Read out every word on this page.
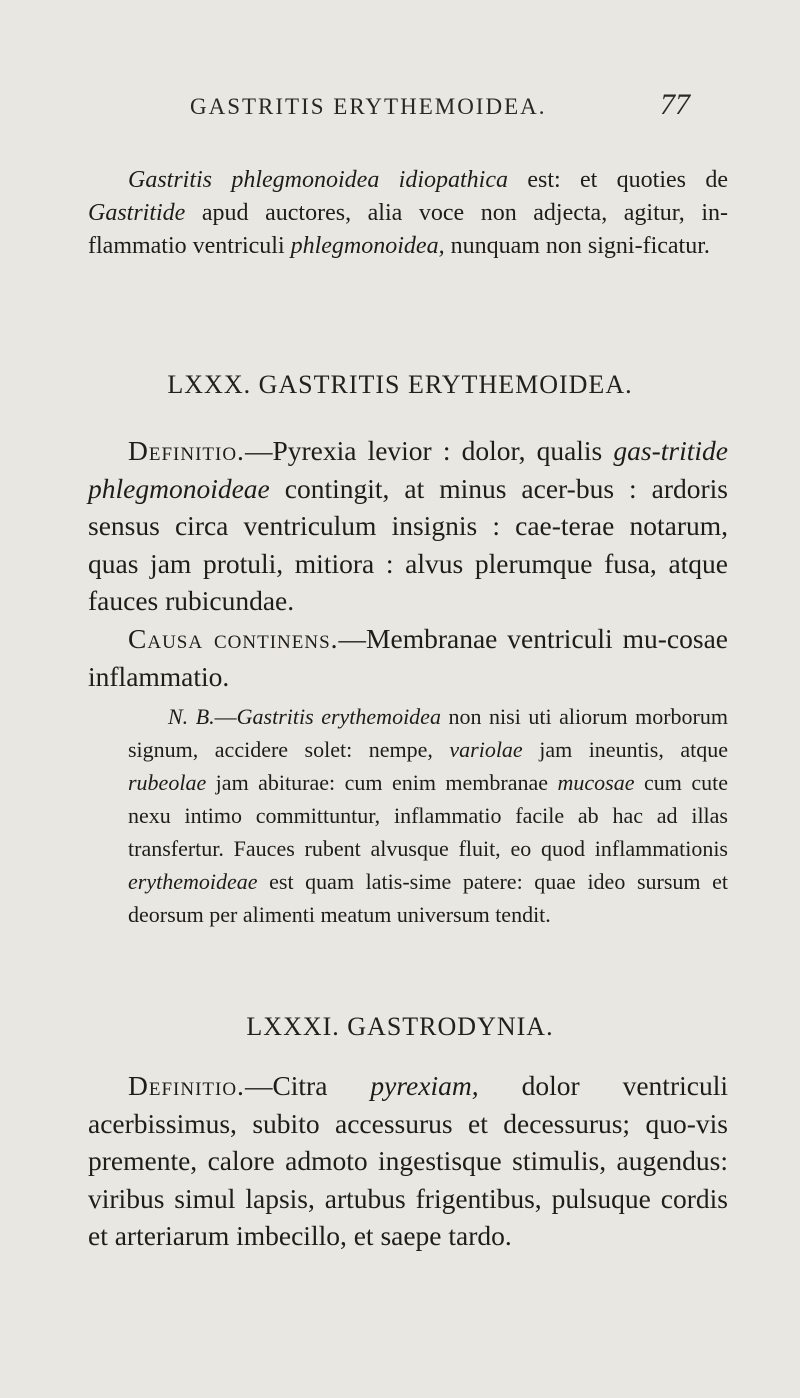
GASTRITIS ERYTHEMOIDEA.	77

Gastritis phlegmonoidea idiopathica est: et quoties de Gastritide apud auctores, alia voce non adjecta, agitur, in-flammatio ventriculi phlegmonoidea, nunquam non signi-ficatur.

LXXX. GASTRITIS ERYTHEMOIDEA.

Definitio.—Pyrexia levior : dolor, qualis gas-tritide phlegmonoideae contingit, at minus acer-bus : ardoris sensus circa ventriculum insignis : cae-terae notarum, quas jam protuli, mitiora : alvus plerumque fusa, atque fauces rubicundae.

Causa continens.—Membranae ventriculi mu-cosae inflammatio.

N. B.—Gastritis erythemoidea non nisi uti aliorum morborum signum, accidere solet: nempe, variolae jam ineuntis, atque rubeolae jam abiturae: cum enim membranae mucosae cum cute nexu intimo committuntur, inflammatio facile ab hac ad illas transfertur. Fauces rubent alvusque fluit, eo quod inflammationis erythemoideae est quam latis-sime patere: quae ideo sursum et deorsum per alimenti meatum universum tendit.

LXXXI. GASTRODYNIA.

Definitio.—Citra pyrexiam, dolor ventriculi acerbissimus, subito accessurus et decessurus; quo-vis premente, calore admoto ingestisque stimulis, augendus: viribus simul lapsis, artubus frigentibus, pulsuque cordis et arteriarum imbecillo, et saepe tardo.
